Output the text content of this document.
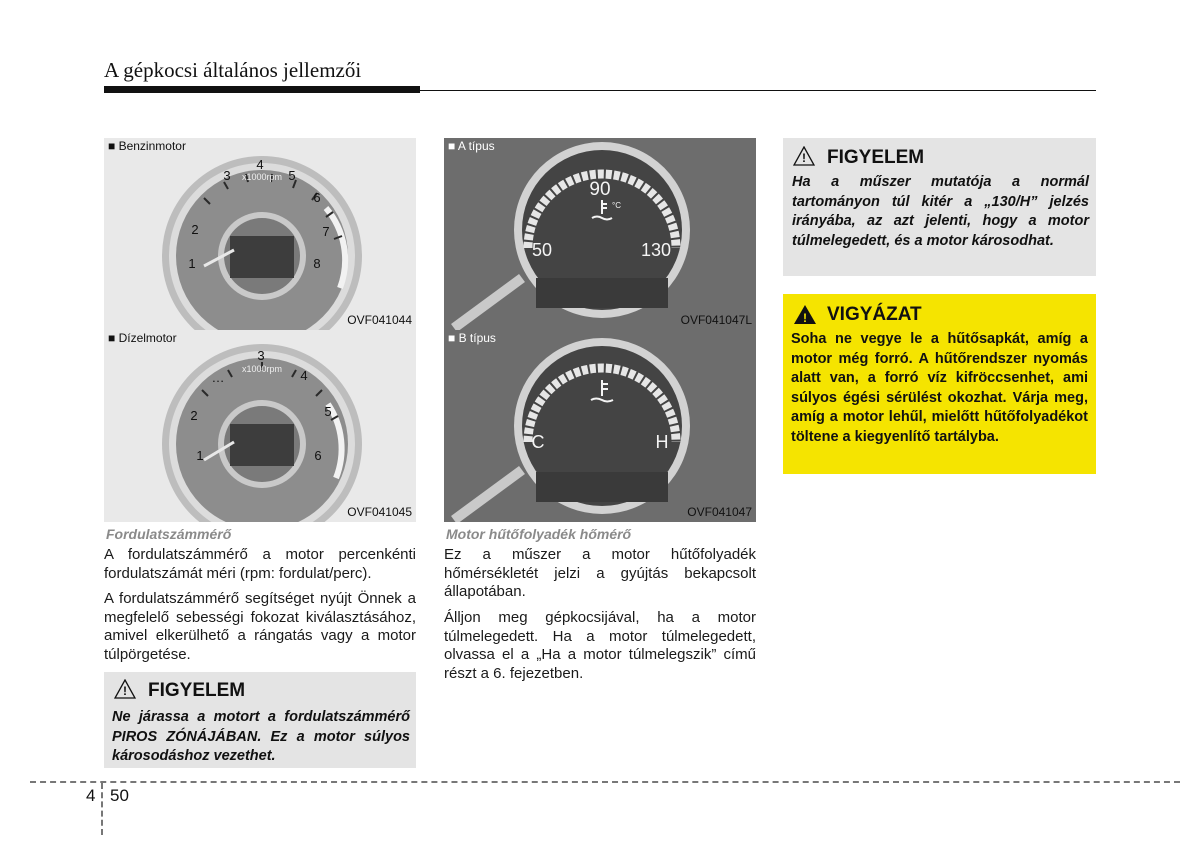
A gépkocsi általános jellemzői
x1000rpm
1
2
3
4
5
6
7
8
■ Benzinmotor
OVF041044
x1000rpm
1
2
…
3
4
5
6
■ Dízelmotor
OVF041045
90
50	130
°C
■ A típus
OVF041047L
C	H
■ B típus
OVF041047
Fordulatszámmérő
A fordulatszámmérő a motor percenkénti fordulatszámát méri (rpm: fordulat/perc).
A fordulatszámmérő segítséget nyújt Önnek a megfelelő sebességi fokozat kiválasztásához, amivel elkerülhető a rángatás vagy a motor túlpörgetése.
! FIGYELEM
Ne járassa a motort a fordulatszámmérő PIROS ZÓNÁJÁBAN. Ez a motor súlyos károsodáshoz vezethet.
Motor hűtőfolyadék hőmérő
Ez a műszer a motor hűtőfolyadék hőmérsékletét jelzi a gyújtás bekapcsolt állapotában.
Álljon meg gépkocsijával, ha a motor túlmelegedett. Ha a motor túlmelegedett, olvassa el a „Ha a motor túlmelegszik” című részt a 6. fejezetben.
! FIGYELEM
Ha a műszer mutatója a normál tartományon túl kitér a „130/H” jelzés irányába, az azt jelenti, hogy a motor túlmelegedett, és a motor károsodhat.
! VIGYÁZAT
Soha ne vegye le a hűtősapkát, amíg a motor még forró. A hűtőrendszer nyomás alatt van, a forró víz kifröccsenhet, ami súlyos égési sérülést okozhat. Várja meg, amíg a motor lehűl, mielőtt hűtőfolyadékot töltene a kiegyenlítő tartályba.
4 50
